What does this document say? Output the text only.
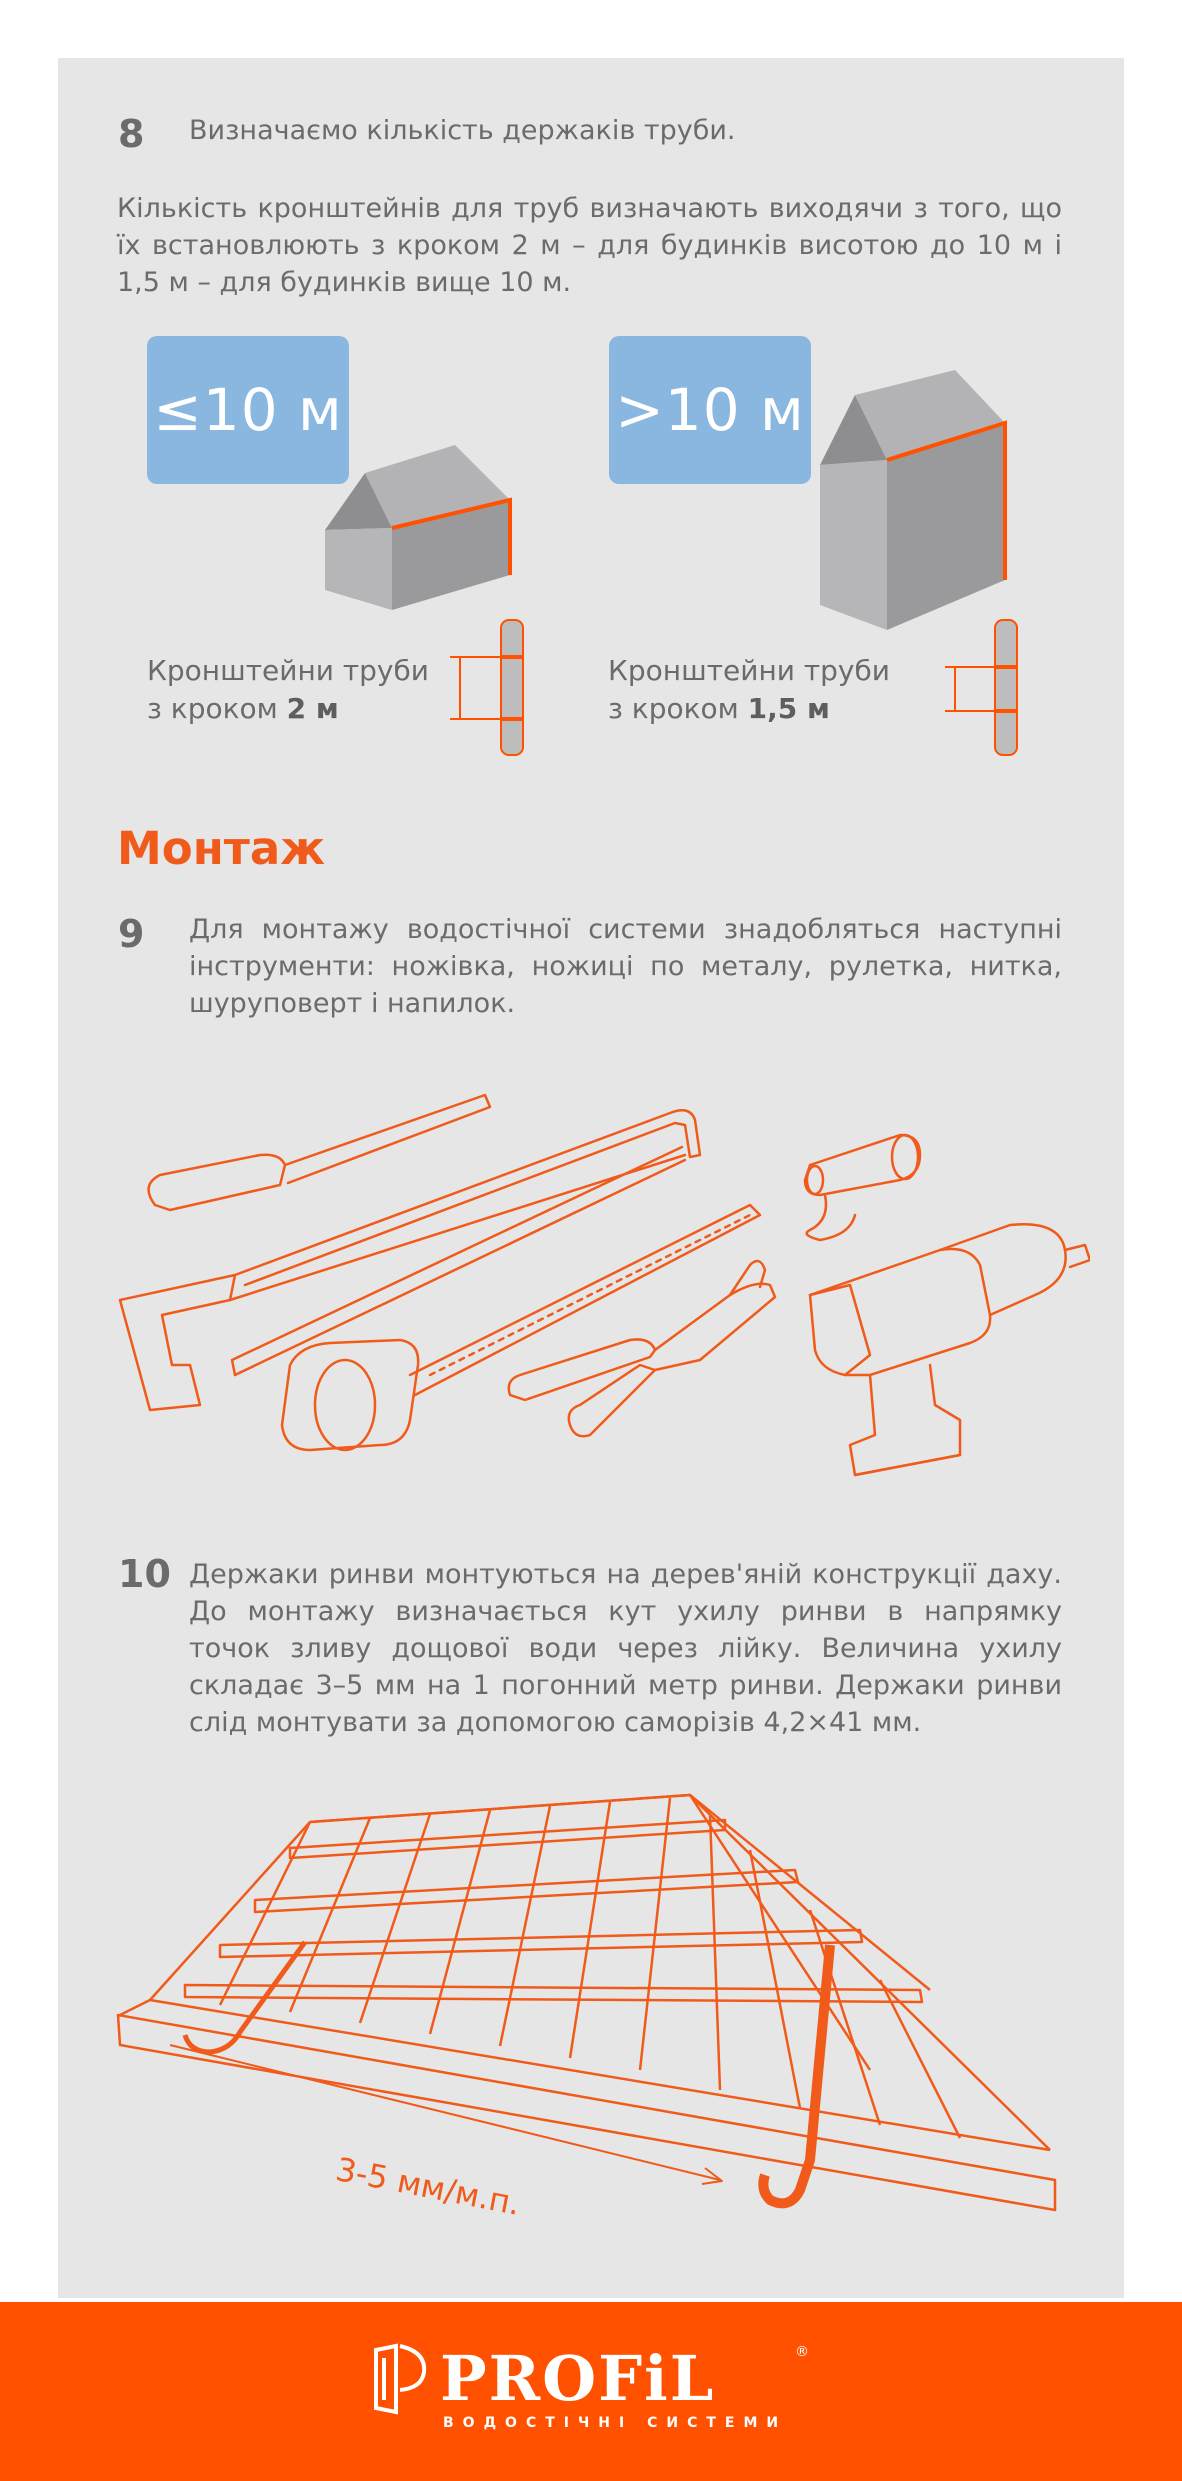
8 Визначаємо кількість держаків труби.
Кількість кронштейнів для труб визначають виходячи з того, що їх встановлюють з кроком 2 м – для будинків висотою до 10 м і 1,5 м – для будинків вище 10 м.
≤10 м
Кронштейни труби
з кроком 2 м
>10 м
Кронштейни труби
з кроком 1,5 м
Монтаж
9 Для монтажу водостічної системи знадобляться наступні інструменти: ножівка, ножиці по металу, рулетка, нитка, шуруповерт і напилок.
10 Держаки ринви монтуються на дерев'яній конструкції даху. До монтажу визначається кут ухилу ринви в напрямку точок зливу дощової води через лійку. Величина ухилу складає 3–5 мм на 1 погонний метр ринви. Держаки ринви слід монтувати за допомогою саморізів 4,2×41 мм.
3-5 мм/м.п.
PROFiL	®
ВОДОСТІЧНІ СИСТЕМИ
